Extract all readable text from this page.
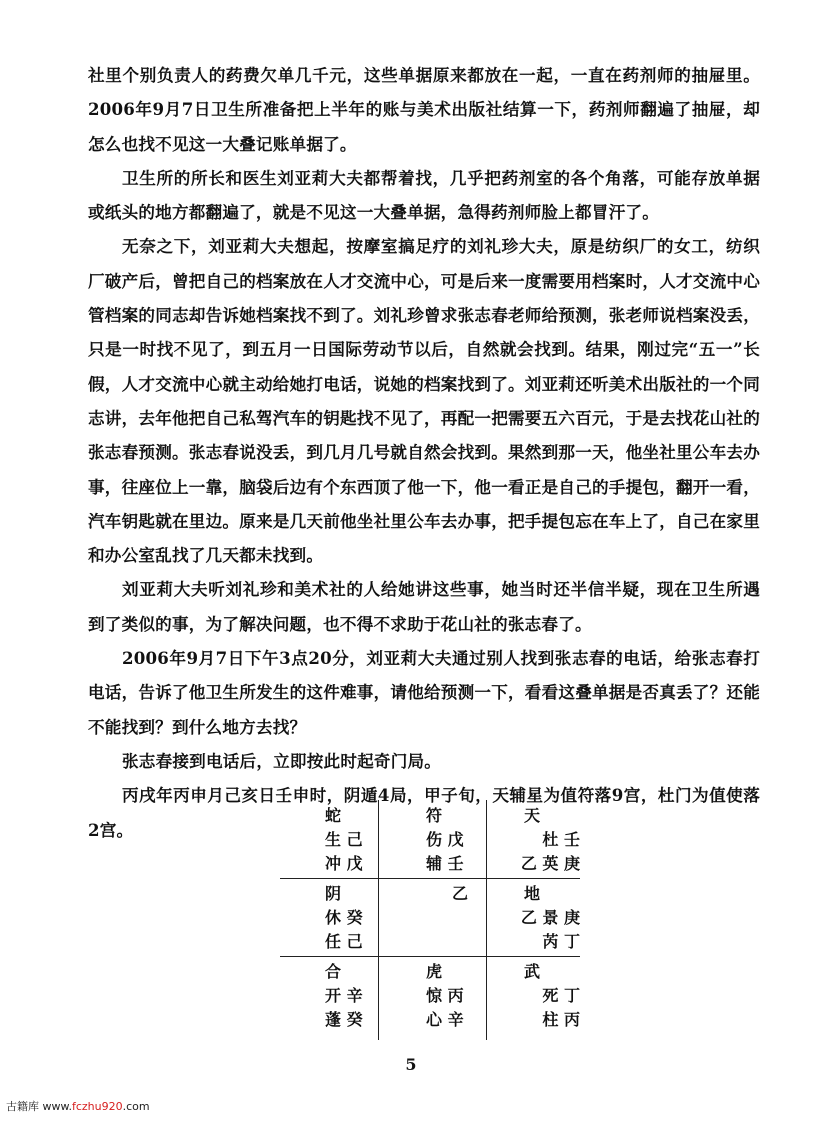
社里个别负责人的药费欠单几千元，这些单据原来都放在一起，一直在药剂师的抽屉里。2006年9月7日卫生所准备把上半年的账与美术出版社结算一下，药剂师翻遍了抽屉，却怎么也找不见这一大叠记账单据了。

卫生所的所长和医生刘亚莉大夫都帮着找，几乎把药剂室的各个角落，可能存放单据或纸头的地方都翻遍了，就是不见这一大叠单据，急得药剂师脸上都冒汗了。

无奈之下，刘亚莉大夫想起，按摩室搞足疗的刘礼珍大夫，原是纺织厂的女工，纺织厂破产后，曾把自己的档案放在人才交流中心，可是后来一度需要用档案时，人才交流中心管档案的同志却告诉她档案找不到了。刘礼珍曾求张志春老师给预测，张老师说档案没丢，只是一时找不见了，到五月一日国际劳动节以后，自然就会找到。结果，刚过完“五一”长假，人才交流中心就主动给她打电话，说她的档案找到了。刘亚莉还听美术出版社的一个同志讲，去年他把自己私驾汽车的钥匙找不见了，再配一把需要五六百元，于是去找花山社的张志春预测。张志春说没丢，到几月几号就自然会找到。果然到那一天，他坐社里公车去办事，往座位上一靠，脑袋后边有个东西顶了他一下，他一看正是自己的手提包，翻开一看，汽车钥匙就在里边。原来是几天前他坐社里公车去办事，把手提包忘在车上了，自己在家里和办公室乱找了几天都未找到。

刘亚莉大夫听刘礼珍和美术社的人给她讲这些事，她当时还半信半疑，现在卫生所遇到了类似的事，为了解决问题，也不得不求助于花山社的张志春了。

2006年9月7日下午3点20分，刘亚莉大夫通过别人找到张志春的电话，给张志春打电话，告诉了他卫生所发生的这件难事，请他给预测一下，看看这叠单据是否真丢了？还能不能找到？到什么地方去找？

张志春接到电话后，立即按此时起奇门局。

丙戌年丙申月己亥日壬申时，阴遁4局，甲子旬，天辅星为值符落9宫，杜门为值使落2宫。

蛇
生 己
冲 戊
符
伤 戊
辅 壬
天
杜 壬
乙 英 庚
阴
休 癸
任 己
乙	地
乙 景 庚
芮 丁
合
开 辛
蓬 癸
虎
惊 丙
心 辛
武
死 丁
柱 丙
5
古籍库 www.fczhu920.com
